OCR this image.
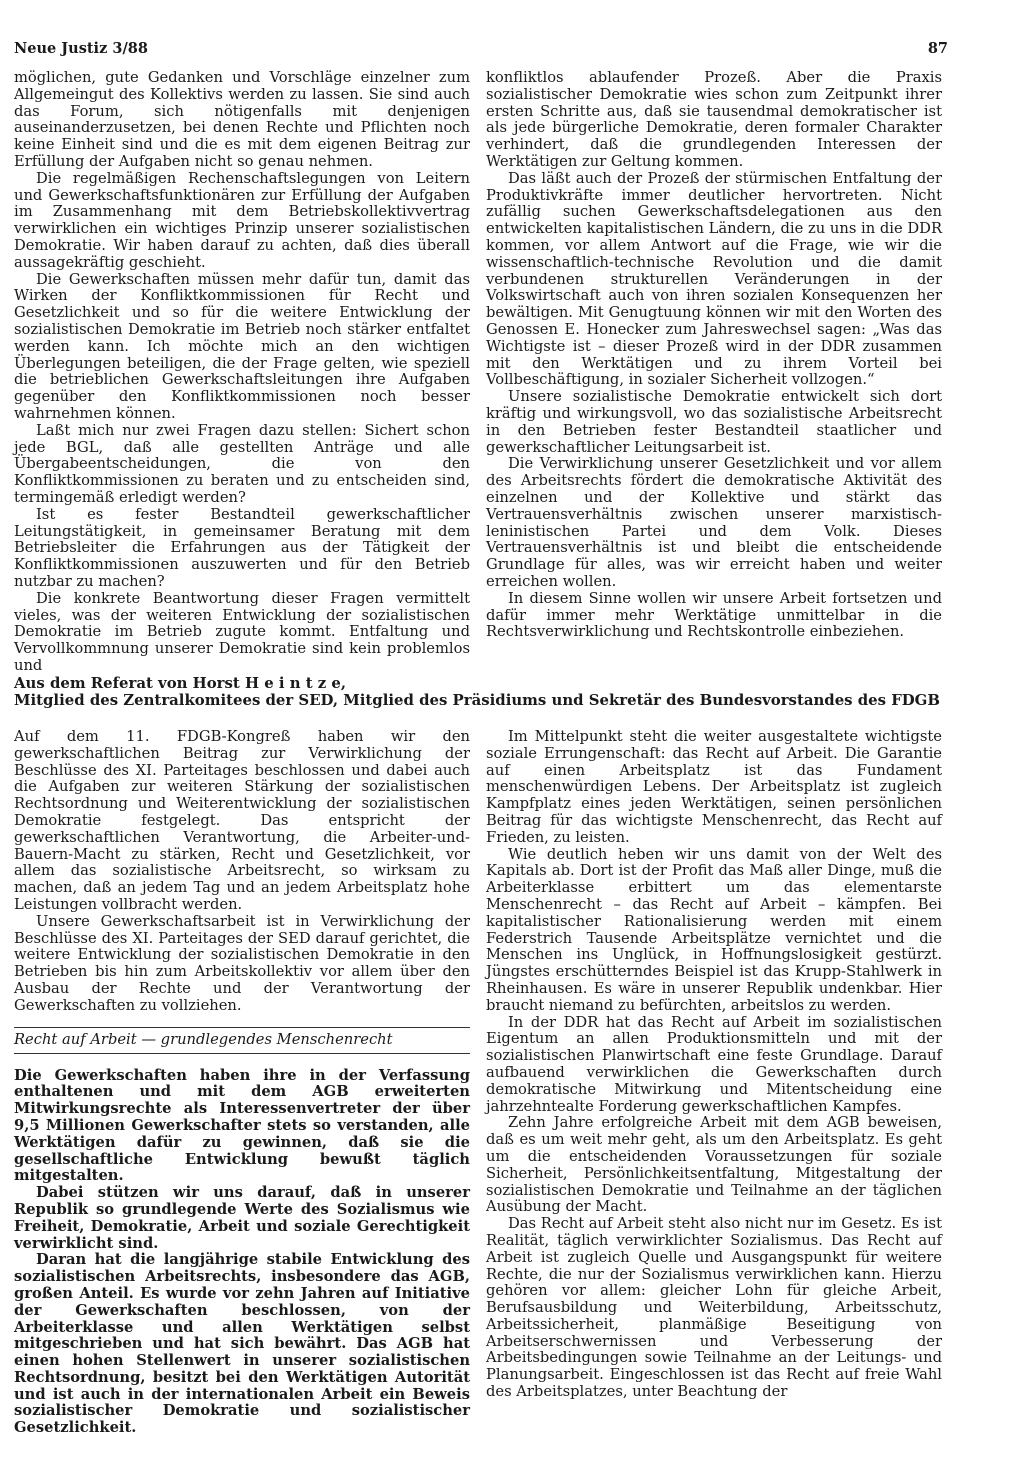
Neue Justiz 3/88	87

möglichen, gute Gedanken und Vorschläge einzelner zum Allgemeingut des Kollektivs werden zu lassen. Sie sind auch das Forum, sich nötigenfalls mit denjenigen auseinanderzusetzen, bei denen Rechte und Pflichten noch keine Einheit sind und die es mit dem eigenen Beitrag zur Erfüllung der Aufgaben nicht so genau nehmen.

Die regelmäßigen Rechenschaftslegungen von Leitern und Gewerkschaftsfunktionären zur Erfüllung der Aufgaben im Zusammenhang mit dem Betriebskollektivvertrag verwirklichen ein wichtiges Prinzip unserer sozialistischen Demokratie. Wir haben darauf zu achten, daß dies überall aussagekräftig geschieht.

Die Gewerkschaften müssen mehr dafür tun, damit das Wirken der Konfliktkommissionen für Recht und Gesetzlichkeit und so für die weitere Entwicklung der sozialistischen Demokratie im Betrieb noch stärker entfaltet werden kann. Ich möchte mich an den wichtigen Überlegungen beteiligen, die der Frage gelten, wie speziell die betrieblichen Gewerkschaftsleitungen ihre Aufgaben gegenüber den Konfliktkommissionen noch besser wahrnehmen können.

Laßt mich nur zwei Fragen dazu stellen: Sichert schon jede BGL, daß alle gestellten Anträge und alle Übergabeentscheidungen, die von den Konfliktkommissionen zu beraten und zu entscheiden sind, termingemäß erledigt werden?

Ist es fester Bestandteil gewerkschaftlicher Leitungstätigkeit, in gemeinsamer Beratung mit dem Betriebsleiter die Erfahrungen aus der Tätigkeit der Konfliktkommissionen auszuwerten und für den Betrieb nutzbar zu machen?

Die konkrete Beantwortung dieser Fragen vermittelt vieles, was der weiteren Entwicklung der sozialistischen Demokratie im Betrieb zugute kommt. Entfaltung und Vervollkommnung unserer Demokratie sind kein problemlos und

konfliktlos ablaufender Prozeß. Aber die Praxis sozialistischer Demokratie wies schon zum Zeitpunkt ihrer ersten Schritte aus, daß sie tausendmal demokratischer ist als jede bürgerliche Demokratie, deren formaler Charakter verhindert, daß die grundlegenden Interessen der Werktätigen zur Geltung kommen.

Das läßt auch der Prozeß der stürmischen Entfaltung der Produktivkräfte immer deutlicher hervortreten. Nicht zufällig suchen Gewerkschaftsdelegationen aus den entwickelten kapitalistischen Ländern, die zu uns in die DDR kommen, vor allem Antwort auf die Frage, wie wir die wissenschaftlich-technische Revolution und die damit verbundenen strukturellen Veränderungen in der Volkswirtschaft auch von ihren sozialen Konsequenzen her bewältigen. Mit Genugtuung können wir mit den Worten des Genossen E. Honecker zum Jahreswechsel sagen: „Was das Wichtigste ist – dieser Prozeß wird in der DDR zusammen mit den Werktätigen und zu ihrem Vorteil bei Vollbeschäftigung, in sozialer Sicherheit vollzogen.“

Unsere sozialistische Demokratie entwickelt sich dort kräftig und wirkungsvoll, wo das sozialistische Arbeitsrecht in den Betrieben fester Bestandteil staatlicher und gewerkschaftlicher Leitungsarbeit ist.

Die Verwirklichung unserer Gesetzlichkeit und vor allem des Arbeitsrechts fördert die demokratische Aktivität des einzelnen und der Kollektive und stärkt das Vertrauensverhältnis zwischen unserer marxistisch-leninistischen Partei und dem Volk. Dieses Vertrauensverhältnis ist und bleibt die entscheidende Grundlage für alles, was wir erreicht haben und weiter erreichen wollen.

In diesem Sinne wollen wir unsere Arbeit fortsetzen und dafür immer mehr Werktätige unmittelbar in die Rechtsverwirklichung und Rechtskontrolle einbeziehen.

Aus dem Referat von Horst H e i n t z e,
Mitglied des Zentralkomitees der SED, Mitglied des Präsidiums und Sekretär des Bundesvorstandes des FDGB

Auf dem 11. FDGB-Kongreß haben wir den gewerkschaftlichen Beitrag zur Verwirklichung der Beschlüsse des XI. Parteitages beschlossen und dabei auch die Aufgaben zur weiteren Stärkung der sozialistischen Rechtsordnung und Weiterentwicklung der sozialistischen Demokratie festgelegt. Das entspricht der gewerkschaftlichen Verantwortung, die Arbeiter-und-Bauern-Macht zu stärken, Recht und Gesetzlichkeit, vor allem das sozialistische Arbeitsrecht, so wirksam zu machen, daß an jedem Tag und an jedem Arbeitsplatz hohe Leistungen vollbracht werden.

Unsere Gewerkschaftsarbeit ist in Verwirklichung der Beschlüsse des XI. Parteitages der SED darauf gerichtet, die weitere Entwicklung der sozialistischen Demokratie in den Betrieben bis hin zum Arbeitskollektiv vor allem über den Ausbau der Rechte und der Verantwortung der Gewerkschaften zu vollziehen.

Recht auf Arbeit — grundlegendes Menschenrecht

Die Gewerkschaften haben ihre in der Verfassung enthaltenen und mit dem AGB erweiterten Mitwirkungsrechte als Interessenvertreter der über 9,5 Millionen Gewerkschafter stets so verstanden, alle Werktätigen dafür zu gewinnen, daß sie die gesellschaftliche Entwicklung bewußt täglich mitgestalten.

Dabei stützen wir uns darauf, daß in unserer Republik so grundlegende Werte des Sozialismus wie Freiheit, Demokratie, Arbeit und soziale Gerechtigkeit verwirklicht sind.

Daran hat die langjährige stabile Entwicklung des sozialistischen Arbeitsrechts, insbesondere das AGB, großen Anteil. Es wurde vor zehn Jahren auf Initiative der Gewerkschaften beschlossen, von der Arbeiterklasse und allen Werktätigen selbst mitgeschrieben und hat sich bewährt. Das AGB hat einen hohen Stellenwert in unserer sozialistischen Rechtsordnung, besitzt bei den Werktätigen Autorität und ist auch in der internationalen Arbeit ein Beweis sozialistischer Demokratie und sozialistischer Gesetzlichkeit.

Im Mittelpunkt steht die weiter ausgestaltete wichtigste soziale Errungenschaft: das Recht auf Arbeit. Die Garantie auf einen Arbeitsplatz ist das Fundament menschenwürdigen Lebens. Der Arbeitsplatz ist zugleich Kampfplatz eines jeden Werktätigen, seinen persönlichen Beitrag für das wichtigste Menschenrecht, das Recht auf Frieden, zu leisten.

Wie deutlich heben wir uns damit von der Welt des Kapitals ab. Dort ist der Profit das Maß aller Dinge, muß die Arbeiterklasse erbittert um das elementarste Menschenrecht – das Recht auf Arbeit – kämpfen. Bei kapitalistischer Rationalisierung werden mit einem Federstrich Tausende Arbeitsplätze vernichtet und die Menschen ins Unglück, in Hoffnungslosigkeit gestürzt. Jüngstes erschütterndes Beispiel ist das Krupp-Stahlwerk in Rheinhausen. Es wäre in unserer Republik undenkbar. Hier braucht niemand zu befürchten, arbeitslos zu werden.

In der DDR hat das Recht auf Arbeit im sozialistischen Eigentum an allen Produktionsmitteln und mit der sozialistischen Planwirtschaft eine feste Grundlage. Darauf aufbauend verwirklichen die Gewerkschaften durch demokratische Mitwirkung und Mitentscheidung eine jahrzehntealte Forderung gewerkschaftlichen Kampfes.

Zehn Jahre erfolgreiche Arbeit mit dem AGB beweisen, daß es um weit mehr geht, als um den Arbeitsplatz. Es geht um die entscheidenden Voraussetzungen für soziale Sicherheit, Persönlichkeitsentfaltung, Mitgestaltung der sozialistischen Demokratie und Teilnahme an der täglichen Ausübung der Macht.

Das Recht auf Arbeit steht also nicht nur im Gesetz. Es ist Realität, täglich verwirklichter Sozialismus. Das Recht auf Arbeit ist zugleich Quelle und Ausgangspunkt für weitere Rechte, die nur der Sozialismus verwirklichen kann. Hierzu gehören vor allem: gleicher Lohn für gleiche Arbeit, Berufsausbildung und Weiterbildung, Arbeitsschutz, Arbeitssicherheit, planmäßige Beseitigung von Arbeitserschwernissen und Verbesserung der Arbeitsbedingungen sowie Teilnahme an der Leitungs- und Planungsarbeit. Eingeschlossen ist das Recht auf freie Wahl des Arbeitsplatzes, unter Beachtung der
